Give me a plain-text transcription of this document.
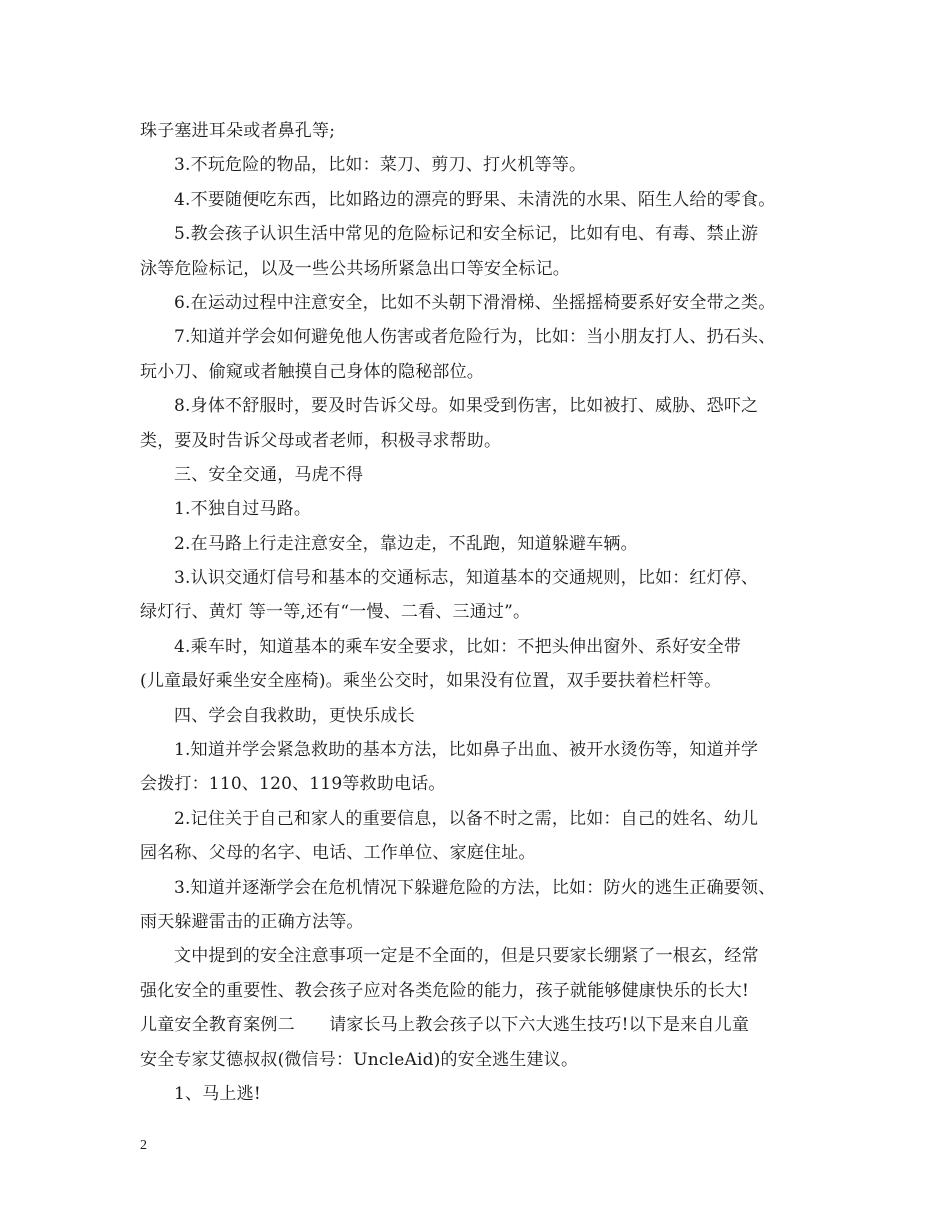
珠子塞进耳朵或者鼻孔等;
3.不玩危险的物品，比如：菜刀、剪刀、打火机等等。
4.不要随便吃东西，比如路边的漂亮的野果、未清洗的水果、陌生人给的零食。
5.教会孩子认识生活中常见的危险标记和安全标记，比如有电、有毒、禁止游
泳等危险标记，以及一些公共场所紧急出口等安全标记。
6.在运动过程中注意安全，比如不头朝下滑滑梯、坐摇摇椅要系好安全带之类。
7.知道并学会如何避免他人伤害或者危险行为，比如：当小朋友打人、扔石头、
玩小刀、偷窥或者触摸自己身体的隐秘部位。
8.身体不舒服时，要及时告诉父母。如果受到伤害，比如被打、威胁、恐吓之
类，要及时告诉父母或者老师，积极寻求帮助。
三、安全交通，马虎不得
1.不独自过马路。
2.在马路上行走注意安全，靠边走，不乱跑，知道躲避车辆。
3.认识交通灯信号和基本的交通标志，知道基本的交通规则，比如：红灯停、
绿灯行、黄灯 等一等,还有“一慢、二看、三通过”。
4.乘车时，知道基本的乘车安全要求，比如：不把头伸出窗外、系好安全带
(儿童最好乘坐安全座椅)。乘坐公交时，如果没有位置，双手要扶着栏杆等。
四、学会自我救助，更快乐成长
1.知道并学会紧急救助的基本方法，比如鼻子出血、被开水烫伤等，知道并学
会拨打：110、120、119等救助电话。
2.记住关于自己和家人的重要信息，以备不时之需，比如：自己的姓名、幼儿
园名称、父母的名字、电话、工作单位、家庭住址。
3.知道并逐渐学会在危机情况下躲避危险的方法，比如：防火的逃生正确要领、
雨天躲避雷击的正确方法等。
文中提到的安全注意事项一定是不全面的，但是只要家长绷紧了一根玄，经常
强化安全的重要性、教会孩子应对各类危险的能力，孩子就能够健康快乐的长大!
儿童安全教育案例二　　请家长马上教会孩子以下六大逃生技巧!以下是来自儿童
安全专家艾德叔叔(微信号：UncleAid)的安全逃生建议。
1、马上逃!
2
